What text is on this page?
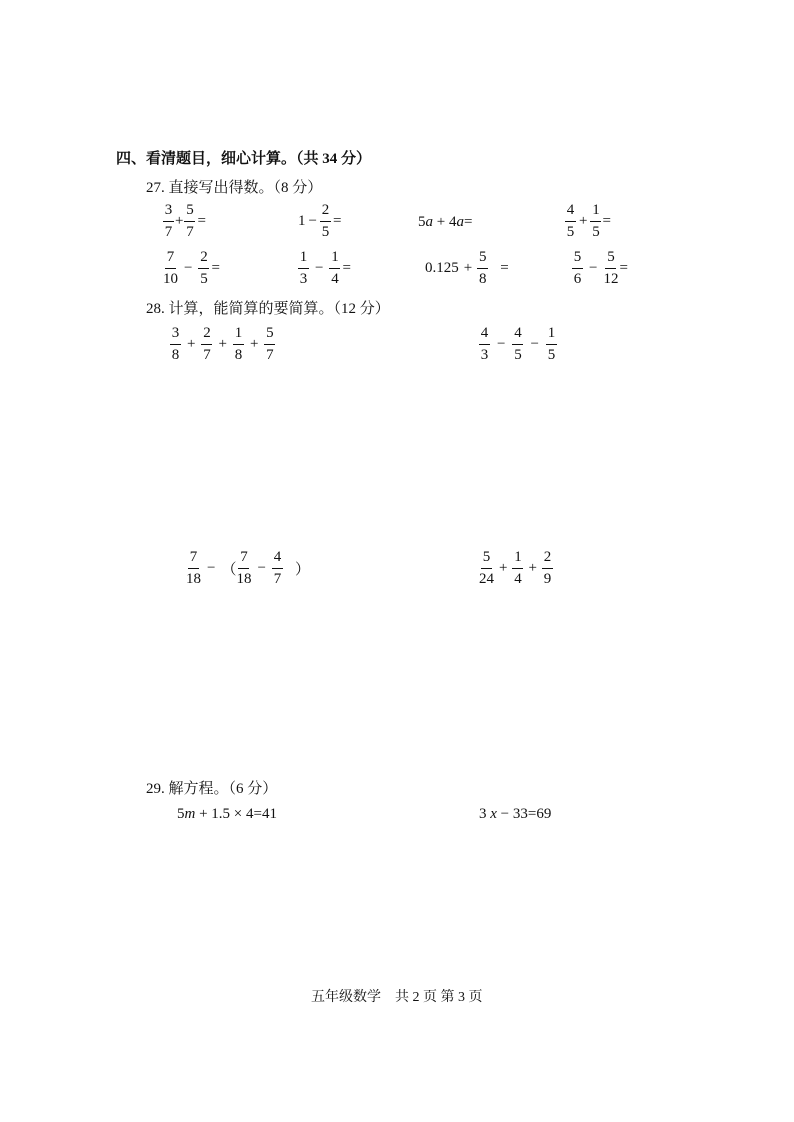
四、看清题目，细心计算。（共 34 分）
27. 直接写出得数。（8 分）
$\frac{3}{7} + \frac{5}{7}$ =	$1 - \frac{2}{5}$ =	5a + 4a=	$\frac{4}{5} + \frac{1}{5}$ =
$\frac{7}{10} - \frac{2}{5}$ =	$\frac{1}{3} - \frac{1}{4}$ =	$0.125 + \frac{5}{8}$ =	$\frac{5}{6} - \frac{5}{12}$ =
28. 计算，能简算的要简算。（12 分）
$\frac{3}{8} + \frac{2}{7} + \frac{1}{8} + \frac{5}{7}$	$\frac{4}{3} - \frac{4}{5} - \frac{1}{5}$
$\frac{7}{18}$ − （ $\frac{7}{18} - \frac{4}{7}$ ）	$\frac{5}{24} + \frac{1}{4} + \frac{2}{9}$
29. 解方程。（6 分）
5m + 1.5 × 4=41	3 x − 33=69
五年级数学　共 2 页 第 3 页
